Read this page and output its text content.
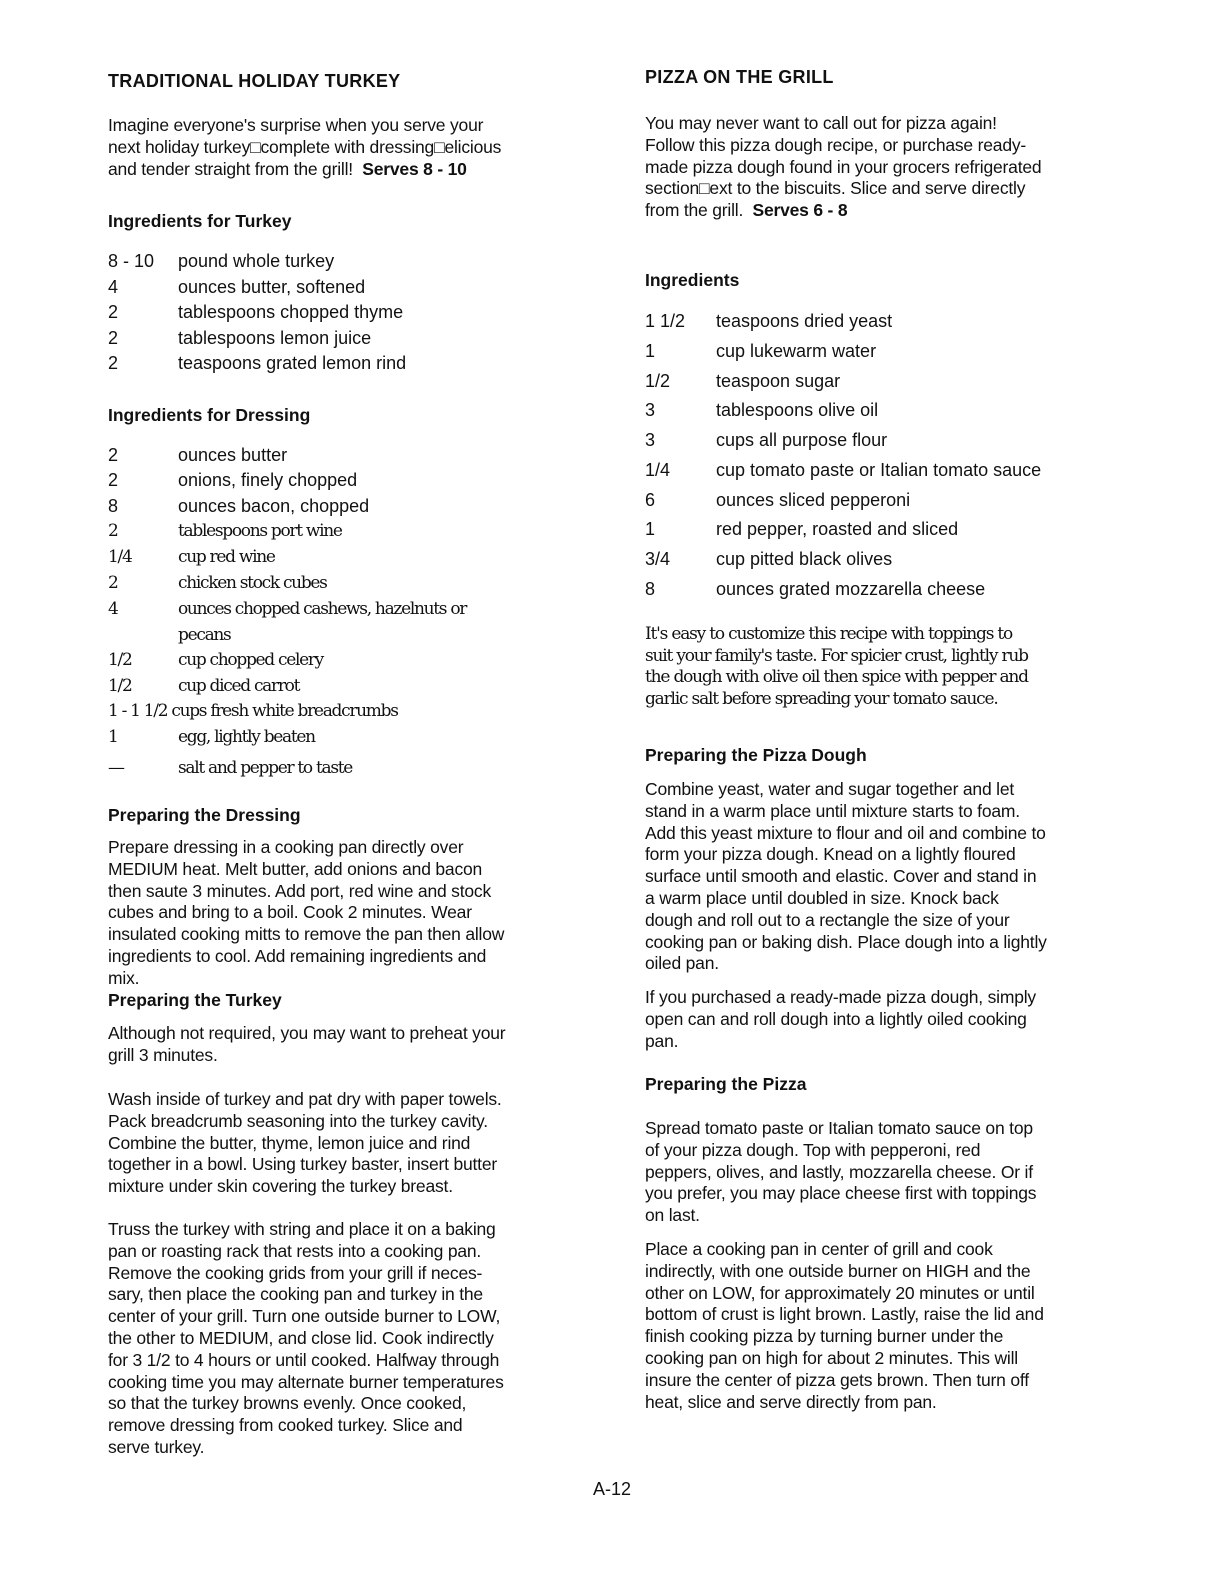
TRADITIONAL HOLIDAY TURKEY
Imagine everyone's surprise when you serve your
next holiday turkey□complete with dressing□elicious
and tender straight from the grill! Serves 8 - 10
Ingredients for Turkey
8 - 10 pound whole turkey
4	ounces butter, softened
2	tablespoons chopped thyme
2	tablespoons lemon juice
2	teaspoons grated lemon rind
Ingredients for Dressing
2	ounces butter
2	onions, finely chopped
8	ounces bacon, chopped
2	tablespoons port wine
1/4	cup red wine
2	chicken stock cubes
4	ounces chopped cashews, hazelnuts or
pecans
1/2	cup chopped celery
1/2	cup diced carrot
1 - 1 1/2 cups fresh white breadcrumbs
1	egg, lightly beaten
—	salt and pepper to taste
Preparing the Dressing
Prepare dressing in a cooking pan directly over
MEDIUM heat. Melt butter, add onions and bacon
then saute 3 minutes. Add port, red wine and stock
cubes and bring to a boil. Cook 2 minutes. Wear
insulated cooking mitts to remove the pan then allow
ingredients to cool. Add remaining ingredients and
mix.
Preparing the Turkey
Although not required, you may want to preheat your
grill 3 minutes.
Wash inside of turkey and pat dry with paper towels.
Pack breadcrumb seasoning into the turkey cavity.
Combine the butter, thyme, lemon juice and rind
together in a bowl. Using turkey baster, insert butter
mixture under skin covering the turkey breast.
Truss the turkey with string and place it on a baking
pan or roasting rack that rests into a cooking pan.
Remove the cooking grids from your grill if neces-
sary, then place the cooking pan and turkey in the
center of your grill. Turn one outside burner to LOW,
the other to MEDIUM, and close lid. Cook indirectly
for 3 1/2 to 4 hours or until cooked. Halfway through
cooking time you may alternate burner temperatures
so that the turkey browns evenly. Once cooked,
remove dressing from cooked turkey. Slice and
serve turkey.
PIZZA ON THE GRILL
You may never want to call out for pizza again!
Follow this pizza dough recipe, or purchase ready-
made pizza dough found in your grocers refrigerated
section□ext to the biscuits. Slice and serve directly
from the grill. Serves 6 - 8
Ingredients
1 1/2 teaspoons dried yeast
1	cup lukewarm water
1/2	teaspoon sugar
3	tablespoons olive oil
3	cups all purpose flour
1/4	cup tomato paste or Italian tomato sauce
6	ounces sliced pepperoni
1	red pepper, roasted and sliced
3/4	cup pitted black olives
8	ounces grated mozzarella cheese
It's easy to customize this recipe with toppings to
suit your family's taste. For spicier crust, lightly rub
the dough with olive oil then spice with pepper and
garlic salt before spreading your tomato sauce.
Preparing the Pizza Dough
Combine yeast, water and sugar together and let
stand in a warm place until mixture starts to foam.
Add this yeast mixture to flour and oil and combine to
form your pizza dough. Knead on a lightly floured
surface until smooth and elastic. Cover and stand in
a warm place until doubled in size. Knock back
dough and roll out to a rectangle the size of your
cooking pan or baking dish. Place dough into a lightly
oiled pan.
If you purchased a ready-made pizza dough, simply
open can and roll dough into a lightly oiled cooking
pan.
Preparing the Pizza
Spread tomato paste or Italian tomato sauce on top
of your pizza dough. Top with pepperoni, red
peppers, olives, and lastly, mozzarella cheese. Or if
you prefer, you may place cheese first with toppings
on last.
Place a cooking pan in center of grill and cook
indirectly, with one outside burner on HIGH and the
other on LOW, for approximately 20 minutes or until
bottom of crust is light brown. Lastly, raise the lid and
finish cooking pizza by turning burner under the
cooking pan on high for about 2 minutes. This will
insure the center of pizza gets brown. Then turn off
heat, slice and serve directly from pan.
A-12
